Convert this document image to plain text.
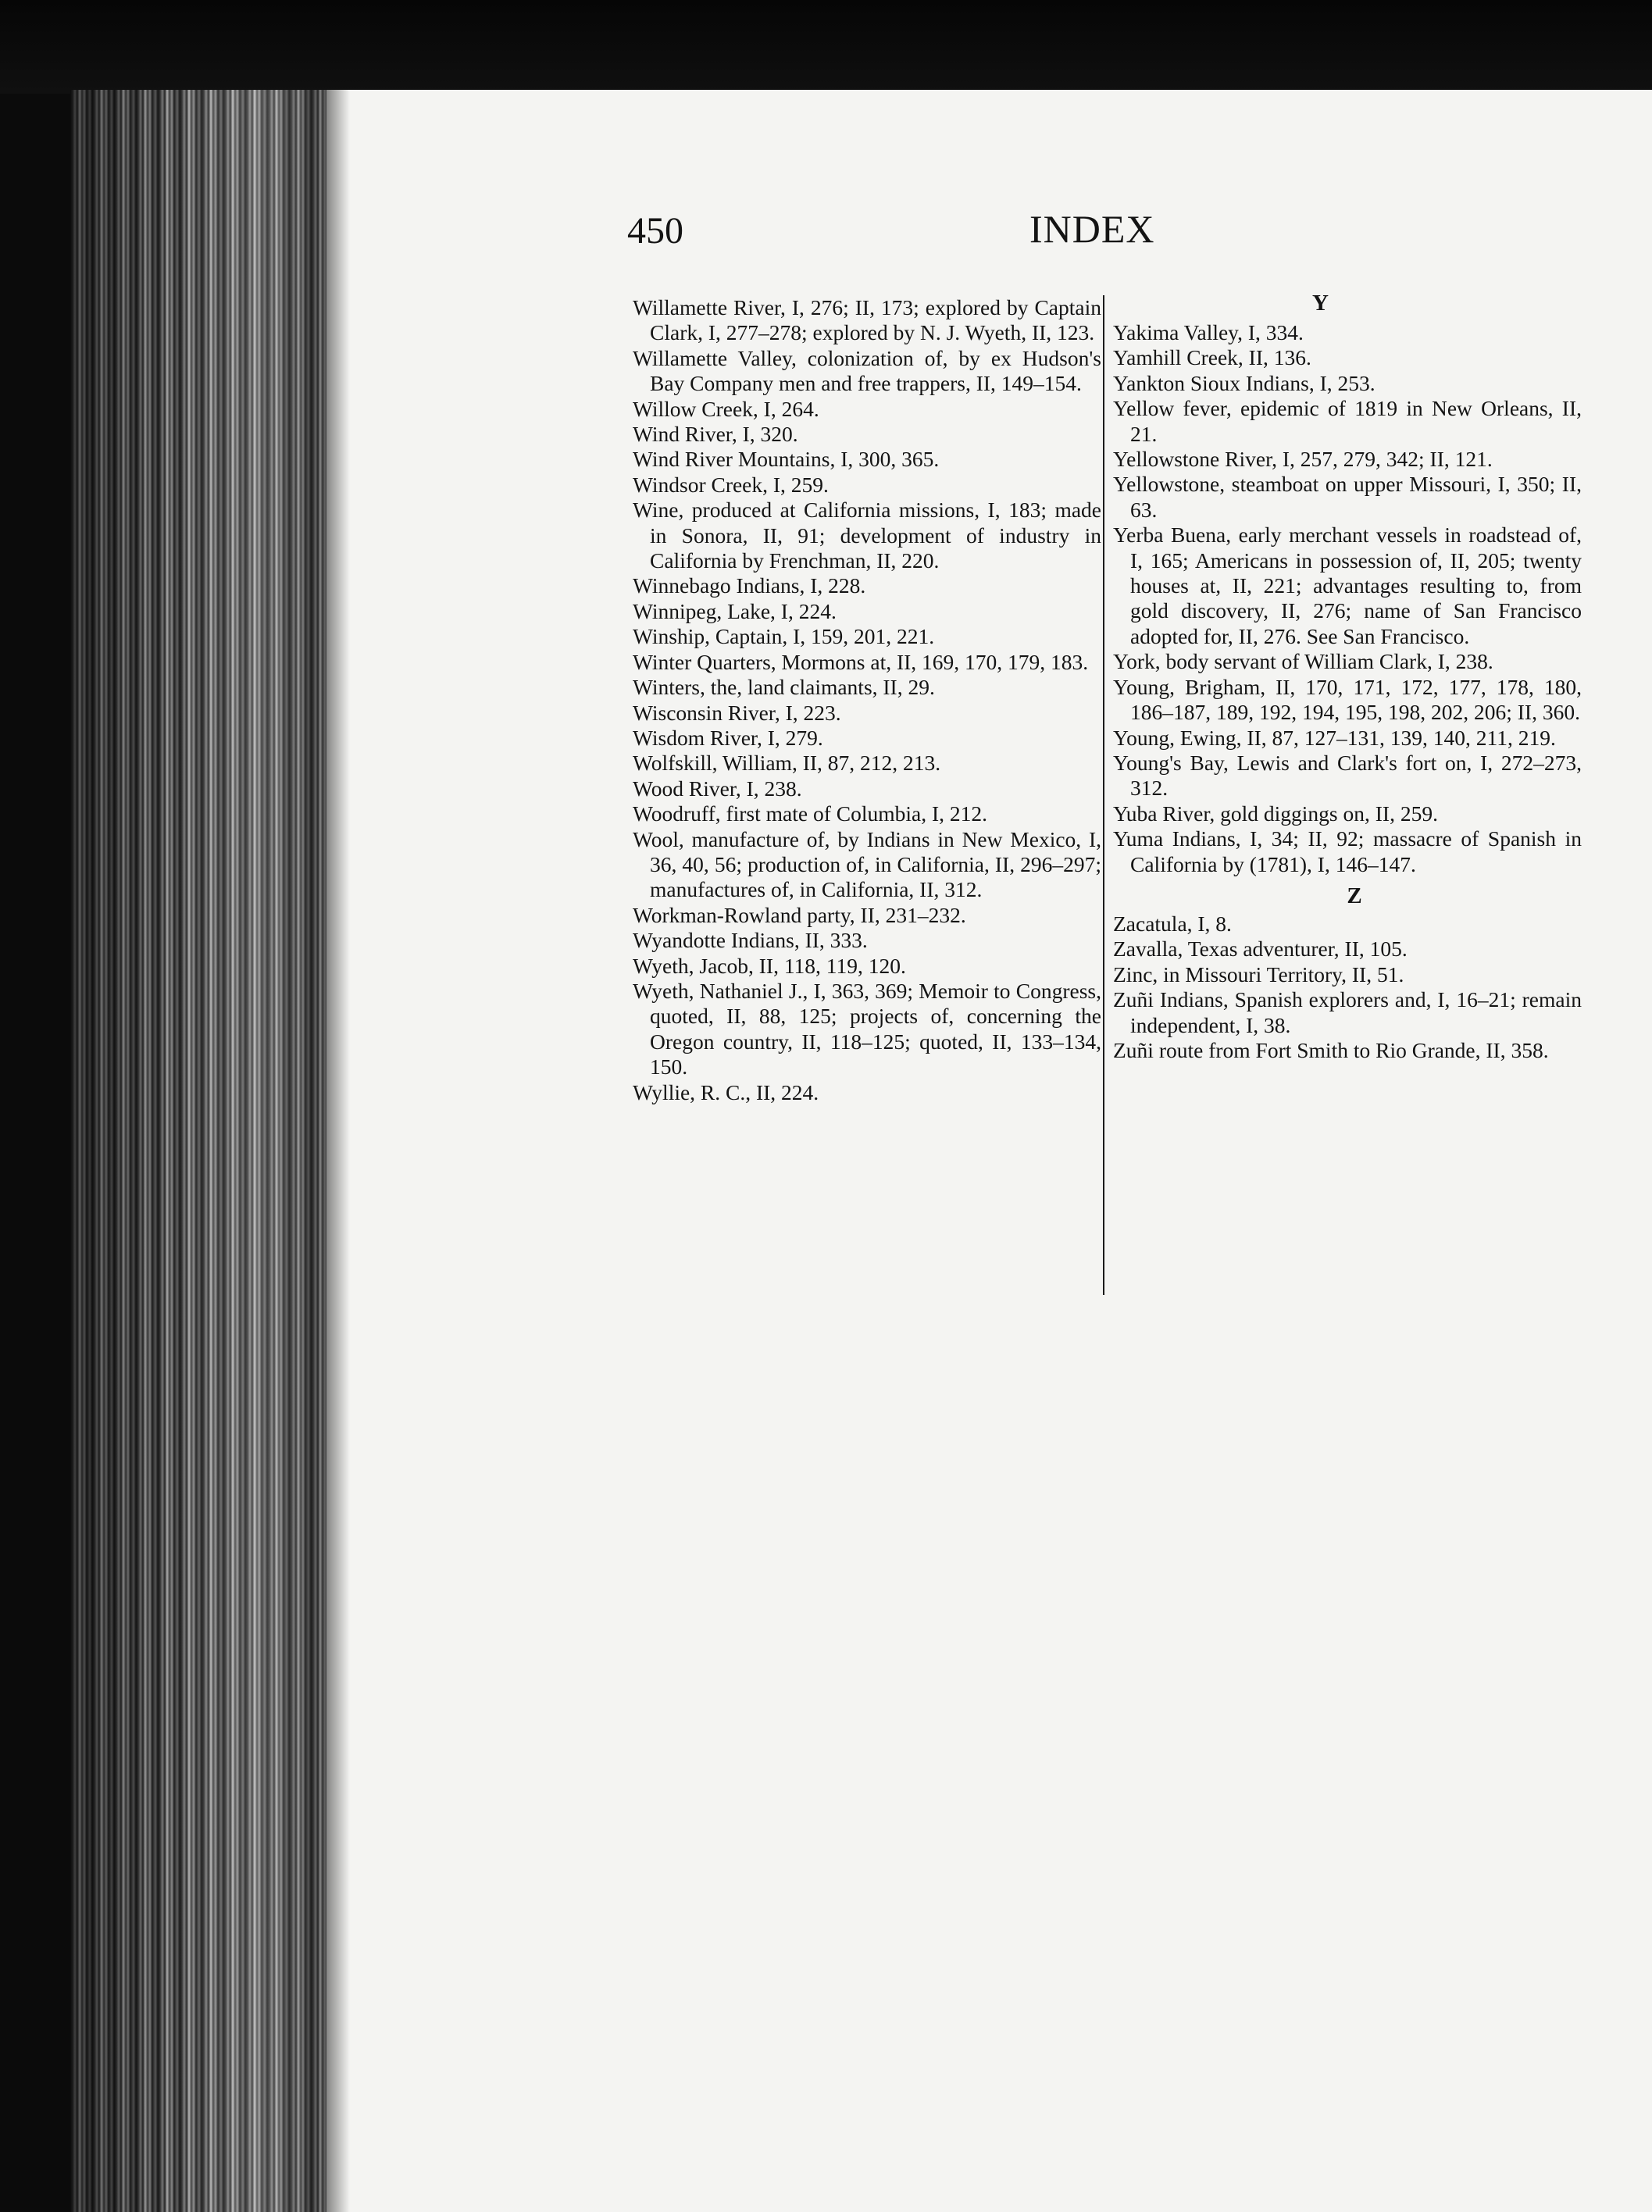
450	INDEX

Willamette River, I, 276; II, 173; explored by Captain Clark, I, 277–278; explored by N. J. Wyeth, II, 123.

Willamette Valley, colonization of, by ex Hudson's Bay Company men and free trappers, II, 149–154.

Willow Creek, I, 264.

Wind River, I, 320.

Wind River Mountains, I, 300, 365.

Windsor Creek, I, 259.

Wine, produced at California missions, I, 183; made in Sonora, II, 91; development of industry in California by Frenchman, II, 220.

Winnebago Indians, I, 228.

Winnipeg, Lake, I, 224.

Winship, Captain, I, 159, 201, 221.

Winter Quarters, Mormons at, II, 169, 170, 179, 183.

Winters, the, land claimants, II, 29.

Wisconsin River, I, 223.

Wisdom River, I, 279.

Wolfskill, William, II, 87, 212, 213.

Wood River, I, 238.

Woodruff, first mate of Columbia, I, 212.

Wool, manufacture of, by Indians in New Mexico, I, 36, 40, 56; production of, in California, II, 296–297; manufactures of, in California, II, 312.

Workman-Rowland party, II, 231–232.

Wyandotte Indians, II, 333.

Wyeth, Jacob, II, 118, 119, 120.

Wyeth, Nathaniel J., I, 363, 369; Memoir to Congress, quoted, II, 88, 125; projects of, concerning the Oregon country, II, 118–125; quoted, II, 133–134, 150.

Wyllie, R. C., II, 224.

Y

Yakima Valley, I, 334.

Yamhill Creek, II, 136.

Yankton Sioux Indians, I, 253.

Yellow fever, epidemic of 1819 in New Orleans, II, 21.

Yellowstone River, I, 257, 279, 342; II, 121.

Yellowstone, steamboat on upper Missouri, I, 350; II, 63.

Yerba Buena, early merchant vessels in roadstead of, I, 165; Americans in possession of, II, 205; twenty houses at, II, 221; advantages resulting to, from gold discovery, II, 276; name of San Francisco adopted for, II, 276. See San Francisco.

York, body servant of William Clark, I, 238.

Young, Brigham, II, 170, 171, 172, 177, 178, 180, 186–187, 189, 192, 194, 195, 198, 202, 206; II, 360.

Young, Ewing, II, 87, 127–131, 139, 140, 211, 219.

Young's Bay, Lewis and Clark's fort on, I, 272–273, 312.

Yuba River, gold diggings on, II, 259.

Yuma Indians, I, 34; II, 92; massacre of Spanish in California by (1781), I, 146–147.

Z

Zacatula, I, 8.

Zavalla, Texas adventurer, II, 105.

Zinc, in Missouri Territory, II, 51.

Zuñi Indians, Spanish explorers and, I, 16–21; remain independent, I, 38.

Zuñi route from Fort Smith to Rio Grande, II, 358.
